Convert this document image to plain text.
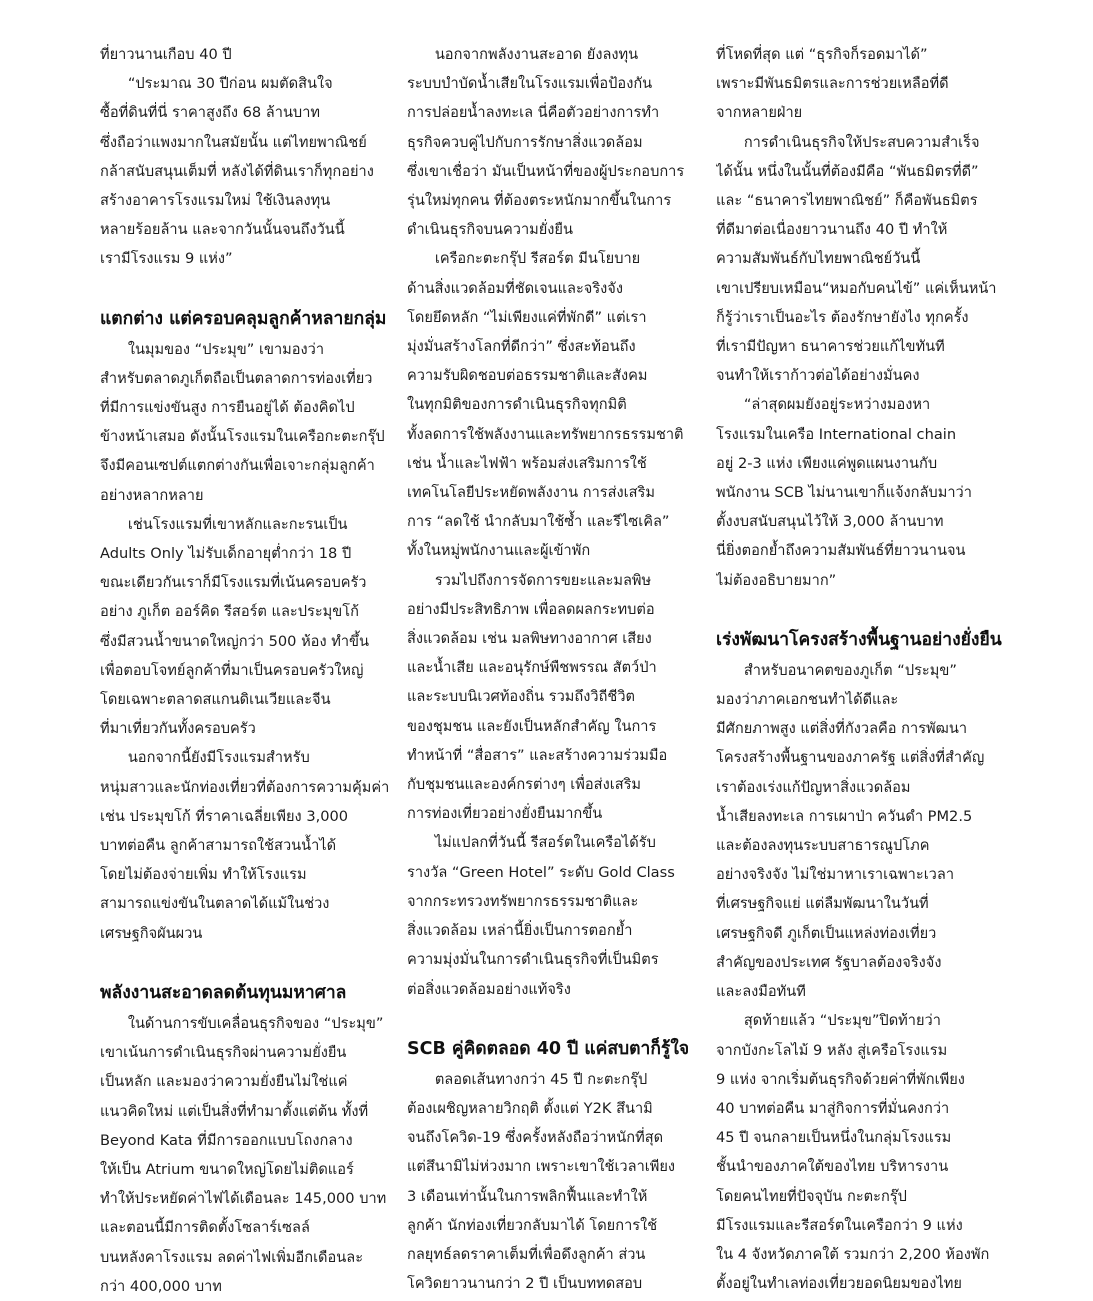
ที่ยาวนานเกือบ 40 ปี
“ประมาณ 30 ปีก่อน ผมตัดสินใจ
ซื้อที่ดินที่นี่ ราคาสูงถึง 68 ล้านบาท
ซึ่งถือว่าแพงมากในสมัยนั้น แต่ไทยพาณิชย์
กล้าสนับสนุนเต็มที่ หลังได้ที่ดินเราก็ทุกอย่าง
สร้างอาคารโรงแรมใหม่ ใช้เงินลงทุน
หลายร้อยล้าน และจากวันนั้นจนถึงวันนี้
เรามีโรงแรม 9 แห่ง”

แตกต่าง แต่ครอบคลุมลูกค้าหลายกลุ่ม

ในมุมของ “ประมุข” เขามองว่า
สำหรับตลาดภูเก็ตถือเป็นตลาดการท่องเที่ยว
ที่มีการแข่งขันสูง การยืนอยู่ได้ ต้องคิดไป
ข้างหน้าเสมอ ดังนั้นโรงแรมในเครือกะตะกรุ๊ป
จึงมีคอนเซปต์แตกต่างกันเพื่อเจาะกลุ่มลูกค้า
อย่างหลากหลาย

เช่นโรงแรมที่เขาหลักและกะรนเป็น
Adults Only ไม่รับเด็กอายุต่ำกว่า 18 ปี
ขณะเดียวกันเราก็มีโรงแรมที่เน้นครอบครัว
อย่าง ภูเก็ต ออร์คิด รีสอร์ต และประมุขโก้
ซึ่งมีสวนน้ำขนาดใหญ่กว่า 500 ห้อง ทำขึ้น
เพื่อตอบโจทย์ลูกค้าที่มาเป็นครอบครัวใหญ่
โดยเฉพาะตลาดสแกนดิเนเวียและจีน
ที่มาเที่ยวกันทั้งครอบครัว

นอกจากนี้ยังมีโรงแรมสำหรับ
หนุ่มสาวและนักท่องเที่ยวที่ต้องการความคุ้มค่า
เช่น ประมุขโก้ ที่ราคาเฉลี่ยเพียง 3,000
บาทต่อคืน ลูกค้าสามารถใช้สวนน้ำได้
โดยไม่ต้องจ่ายเพิ่ม ทำให้โรงแรม
สามารถแข่งขันในตลาดได้แม้ในช่วง
เศรษฐกิจผันผวน

พลังงานสะอาดลดต้นทุนมหาศาล

ในด้านการขับเคลื่อนธุรกิจของ “ประมุข”
เขาเน้นการดำเนินธุรกิจผ่านความยั่งยืน
เป็นหลัก และมองว่าความยั่งยืนไม่ใช่แค่
แนวคิดใหม่ แต่เป็นสิ่งที่ทำมาตั้งแต่ต้น ทั้งที่
Beyond Kata ที่มีการออกแบบโถงกลาง
ให้เป็น Atrium ขนาดใหญ่โดยไม่ติดแอร์
ทำให้ประหยัดค่าไฟได้เดือนละ 145,000 บาท
และตอนนี้มีการติดตั้งโซลาร์เซลล์
บนหลังคาโรงแรม ลดค่าไฟเพิ่มอีกเดือนละ
กว่า 400,000 บาท

นอกจากพลังงานสะอาด ยังลงทุน
ระบบบำบัดน้ำเสียในโรงแรมเพื่อป้องกัน
การปล่อยน้ำลงทะเล นี่คือตัวอย่างการทำ
ธุรกิจควบคู่ไปกับการรักษาสิ่งแวดล้อม
ซึ่งเขาเชื่อว่า มันเป็นหน้าที่ของผู้ประกอบการ
รุ่นใหม่ทุกคน ที่ต้องตระหนักมากขึ้นในการ
ดำเนินธุรกิจบนความยั่งยืน

เครือกะตะกรุ๊ป รีสอร์ต มีนโยบาย
ด้านสิ่งแวดล้อมที่ชัดเจนและจริงจัง
โดยยึดหลัก “ไม่เพียงแค่ที่พักดี” แต่เรา
มุ่งมั่นสร้างโลกที่ดีกว่า” ซึ่งสะท้อนถึง
ความรับผิดชอบต่อธรรมชาติและสังคม
ในทุกมิติของการดำเนินธุรกิจทุกมิติ
ทั้งลดการใช้พลังงานและทรัพยากรธรรมชาติ
เช่น น้ำและไฟฟ้า พร้อมส่งเสริมการใช้
เทคโนโลยีประหยัดพลังงาน การส่งเสริม
การ “ลดใช้ นำกลับมาใช้ซ้ำ และรีไซเคิล”
ทั้งในหมู่พนักงานและผู้เข้าพัก

รวมไปถึงการจัดการขยะและมลพิษ
อย่างมีประสิทธิภาพ เพื่อลดผลกระทบต่อ
สิ่งแวดล้อม เช่น มลพิษทางอากาศ เสียง
และน้ำเสีย และอนุรักษ์พืชพรรณ สัตว์ป่า
และระบบนิเวศท้องถิ่น รวมถึงวิถีชีวิต
ของชุมชน และยังเป็นหลักสำคัญ ในการ
ทำหน้าที่ “สื่อสาร” และสร้างความร่วมมือ
กับชุมชนและองค์กรต่างๆ เพื่อส่งเสริม
การท่องเที่ยวอย่างยั่งยืนมากขึ้น

ไม่แปลกที่วันนี้ รีสอร์ตในเครือได้รับ
รางวัล “Green Hotel” ระดับ Gold Class
จากกระทรวงทรัพยากรธรรมชาติและ
สิ่งแวดล้อม เหล่านี้ยิ่งเป็นการตอกย้ำ
ความมุ่งมั่นในการดำเนินธุรกิจที่เป็นมิตร
ต่อสิ่งแวดล้อมอย่างแท้จริง

SCB คู่คิดตลอด 40 ปี แค่สบตาก็รู้ใจ

ตลอดเส้นทางกว่า 45 ปี กะตะกรุ๊ป
ต้องเผชิญหลายวิกฤติ ตั้งแต่ Y2K สึนามิ
จนถึงโควิด-19 ซึ่งครั้งหลังถือว่าหนักที่สุด
แต่สึนามิไม่ห่วงมาก เพราะเขาใช้เวลาเพียง
3 เดือนเท่านั้นในการพลิกฟื้นและทำให้
ลูกค้า นักท่องเที่ยวกลับมาได้ โดยการใช้
กลยุทธ์ลดราคาเต็มที่เพื่อดึงลูกค้า ส่วน
โควิดยาวนานกว่า 2 ปี เป็นบททดสอบ

ที่โหดที่สุด แต่ “ธุรกิจก็รอดมาได้”
เพราะมีพันธมิตรและการช่วยเหลือที่ดี
จากหลายฝ่าย

การดำเนินธุรกิจให้ประสบความสำเร็จ
ได้นั้น หนึ่งในนั้นที่ต้องมีคือ “พันธมิตรที่ดี”
และ “ธนาคารไทยพาณิชย์” ก็คือพันธมิตร
ที่ดีมาต่อเนื่องยาวนานถึง 40 ปี ทำให้
ความสัมพันธ์กับไทยพาณิชย์วันนี้
เขาเปรียบเหมือน“หมอกับคนไข้” แค่เห็นหน้า
ก็รู้ว่าเราเป็นอะไร ต้องรักษายังไง ทุกครั้ง
ที่เรามีปัญหา ธนาคารช่วยแก้ไขทันที
จนทำให้เราก้าวต่อได้อย่างมั่นคง

“ล่าสุดผมยังอยู่ระหว่างมองหา
โรงแรมในเครือ International chain
อยู่ 2-3 แห่ง เพียงแค่พูดแผนงานกับ
พนักงาน SCB ไม่นานเขาก็แจ้งกลับมาว่า
ตั้งงบสนับสนุนไว้ให้ 3,000 ล้านบาท
นี่ยิ่งตอกย้ำถึงความสัมพันธ์ที่ยาวนานจน
ไม่ต้องอธิบายมาก”

เร่งพัฒนาโครงสร้างพื้นฐานอย่างยั่งยืน

สำหรับอนาคตของภูเก็ต “ประมุข”
มองว่าภาคเอกชนทำได้ดีและ
มีศักยภาพสูง แต่สิ่งที่กังวลคือ การพัฒนา
โครงสร้างพื้นฐานของภาครัฐ แต่สิ่งที่สำคัญ
เราต้องเร่งแก้ปัญหาสิ่งแวดล้อม
น้ำเสียลงทะเล การเผาป่า ควันดำ PM2.5
และต้องลงทุนระบบสาธารณูปโภค
อย่างจริงจัง ไม่ใช่มาหาเราเฉพาะเวลา
ที่เศรษฐกิจแย่ แต่ลืมพัฒนาในวันที่
เศรษฐกิจดี ภูเก็ตเป็นแหล่งท่องเที่ยว
สำคัญของประเทศ รัฐบาลต้องจริงจัง
และลงมือทันที

สุดท้ายแล้ว “ประมุข”ปิดท้ายว่า
จากบังกะโลไม้ 9 หลัง สู่เครือโรงแรม
9 แห่ง จากเริ่มต้นธุรกิจด้วยค่าที่พักเพียง
40 บาทต่อคืน มาสู่กิจการที่มั่นคงกว่า
45 ปี จนกลายเป็นหนึ่งในกลุ่มโรงแรม
ชั้นนำของภาคใต้ของไทย บริหารงาน
โดยคนไทยที่ปัจจุบัน กะตะกรุ๊ป
มีโรงแรมและรีสอร์ตในเครือกว่า 9 แห่ง
ใน 4 จังหวัดภาคใต้ รวมกว่า 2,200 ห้องพัก
ตั้งอยู่ในทำเลท่องเที่ยวยอดนิยมของไทย
